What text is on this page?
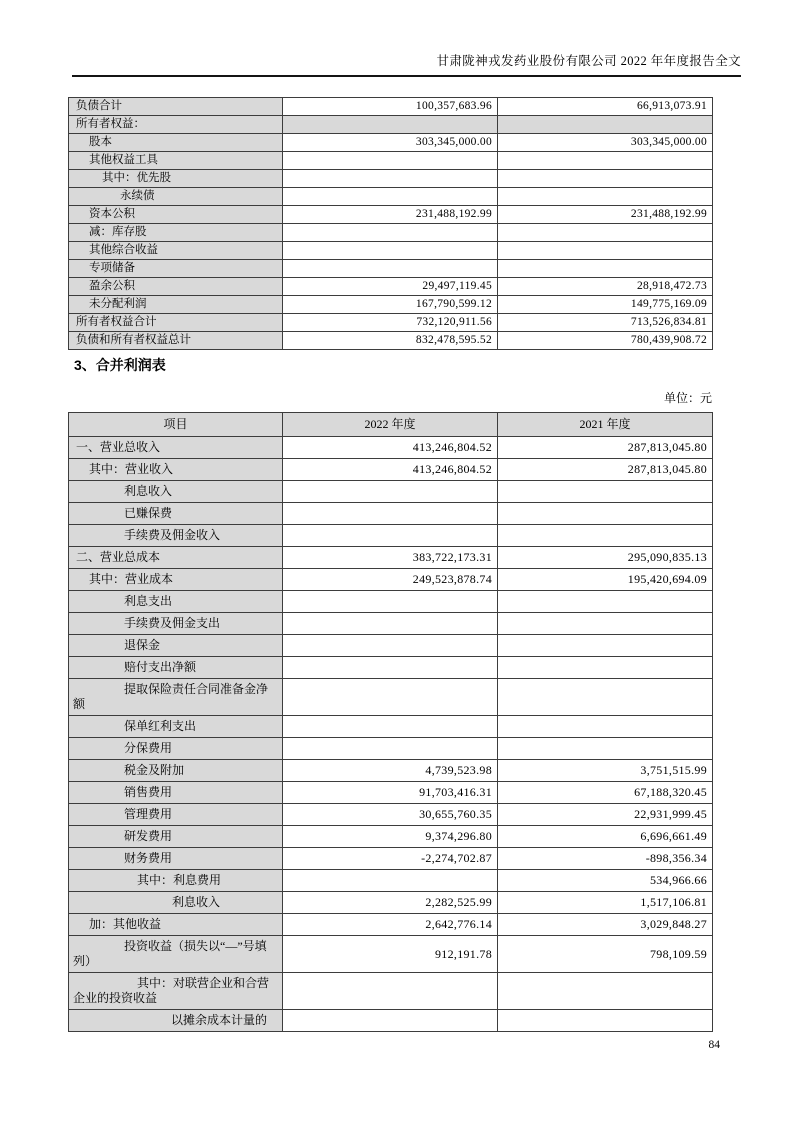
甘肃陇神戎发药业股份有限公司 2022 年年度报告全文
负债合计	100,357,683.96	66,913,073.91
所有者权益：		
股本	303,345,000.00	303,345,000.00
其他权益工具		
其中：优先股		
永续债		
资本公积	231,488,192.99	231,488,192.99
减：库存股		
其他综合收益		
专项储备		
盈余公积	29,497,119.45	28,918,472.73
未分配利润	167,790,599.12	149,775,169.09
所有者权益合计	732,120,911.56	713,526,834.81
负债和所有者权益总计	832,478,595.52	780,439,908.72
3、合并利润表
单位：元
项目	2022 年度	2021 年度
一、营业总收入	413,246,804.52	287,813,045.80
其中：营业收入	413,246,804.52	287,813,045.80
利息收入		
已赚保费		
手续费及佣金收入		
二、营业总成本	383,722,173.31	295,090,835.13
其中：营业成本	249,523,878.74	195,420,694.09
利息支出		
手续费及佣金支出		
退保金		
赔付支出净额		
提取保险责任合同准备金净额		
保单红利支出		
分保费用		
税金及附加	4,739,523.98	3,751,515.99
销售费用	91,703,416.31	67,188,320.45
管理费用	30,655,760.35	22,931,999.45
研发费用	9,374,296.80	6,696,661.49
财务费用	-2,274,702.87	-898,356.34
其中：利息费用		534,966.66
利息收入	2,282,525.99	1,517,106.81
加：其他收益	2,642,776.14	3,029,848.27
投资收益（损失以“—”号填列）	912,191.78	798,109.59
其中：对联营企业和合营企业的投资收益		
以摊余成本计量的		
84
